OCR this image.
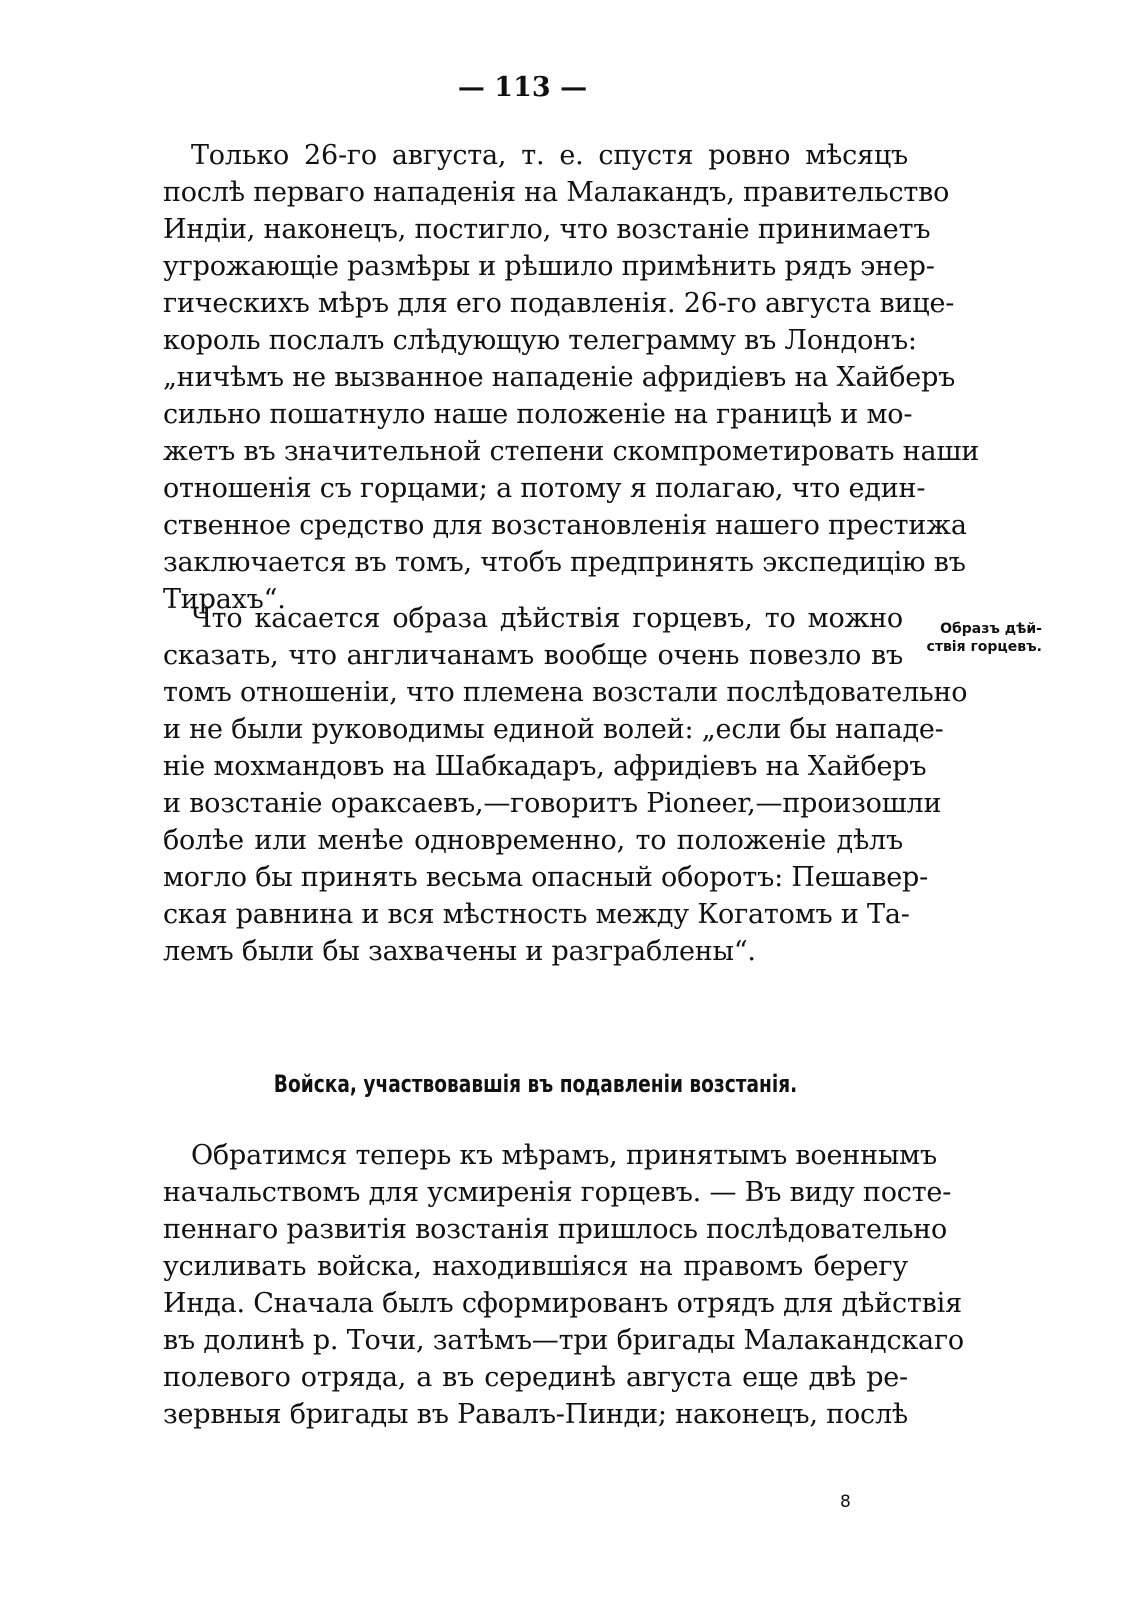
— 113 —
Только 26-го августа, т. е. спустя ровно мѣсяцъ
послѣ перваго нападенія на Малакандъ, правительство
Индіи, наконецъ, постигло, что возстаніе принимаетъ
угрожающіе размѣры и рѣшило примѣнить рядъ энер-
гическихъ мѣръ для его подавленія. 26-го августа вице-
король послалъ слѣдующую телеграмму въ Лондонъ:
„ничѣмъ не вызванное нападеніе афридіевъ на Хайберъ
сильно пошатнуло наше положеніе на границѣ и мо-
жетъ въ значительной степени скомпрометировать наши
отношенія съ горцами; а потому я полагаю, что един-
ственное средство для возстановленія нашего престижа
заключается въ томъ, чтобъ предпринять экспедицію въ
Тирахъ“.
Что касается образа дѣйствія горцевъ, то можно
сказать, что англичанамъ вообще очень повезло въ
томъ отношеніи, что племена возстали послѣдовательно
и не были руководимы единой волей: „если бы нападе-
ніе мохмандовъ на Шабкадаръ, афридіевъ на Хайберъ
и возстаніе ораксаевъ,—говоритъ Pioneer,—произошли
болѣе или менѣе одновременно, то положеніе дѣлъ
могло бы принять весьма опасный оборотъ: Пешавер-
ская равнина и вся мѣстность между Когатомъ и Та-
лемъ были бы захвачены и разграблены“.
Образъ дѣй-
ствія горцевъ.
Войска, участвовавшія въ подавленіи возстанія.
Обратимся теперь къ мѣрамъ, принятымъ военнымъ
начальствомъ для усмиренія горцевъ. — Въ виду посте-
пеннаго развитія возстанія пришлось послѣдовательно
усиливать войска, находившіяся на правомъ берегу
Инда. Сначала былъ сформированъ отрядъ для дѣйствія
въ долинѣ р. Точи, затѣмъ—три бригады Малакандскаго
полевого отряда, а въ серединѣ августа еще двѣ ре-
зервныя бригады въ Равалъ-Пинди; наконецъ, послѣ
8
